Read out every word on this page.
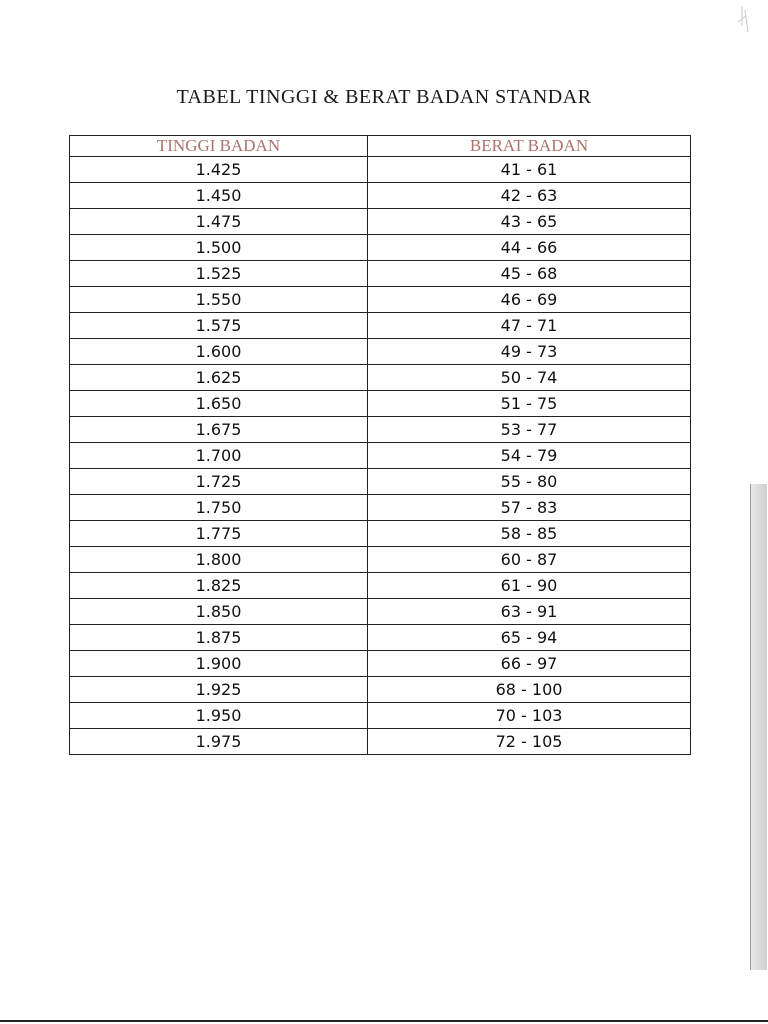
TABEL TINGGI & BERAT BADAN STANDAR
TINGGI BADAN	BERAT BADAN
1.425	41 - 61
1.450	42 - 63
1.475	43 - 65
1.500	44 - 66
1.525	45 - 68
1.550	46 - 69
1.575	47 - 71
1.600	49 - 73
1.625	50 - 74
1.650	51 - 75
1.675	53 - 77
1.700	54 - 79
1.725	55 - 80
1.750	57 - 83
1.775	58 - 85
1.800	60 - 87
1.825	61 - 90
1.850	63 - 91
1.875	65 - 94
1.900	66 - 97
1.925	68 - 100
1.950	70 - 103
1.975	72 - 105
